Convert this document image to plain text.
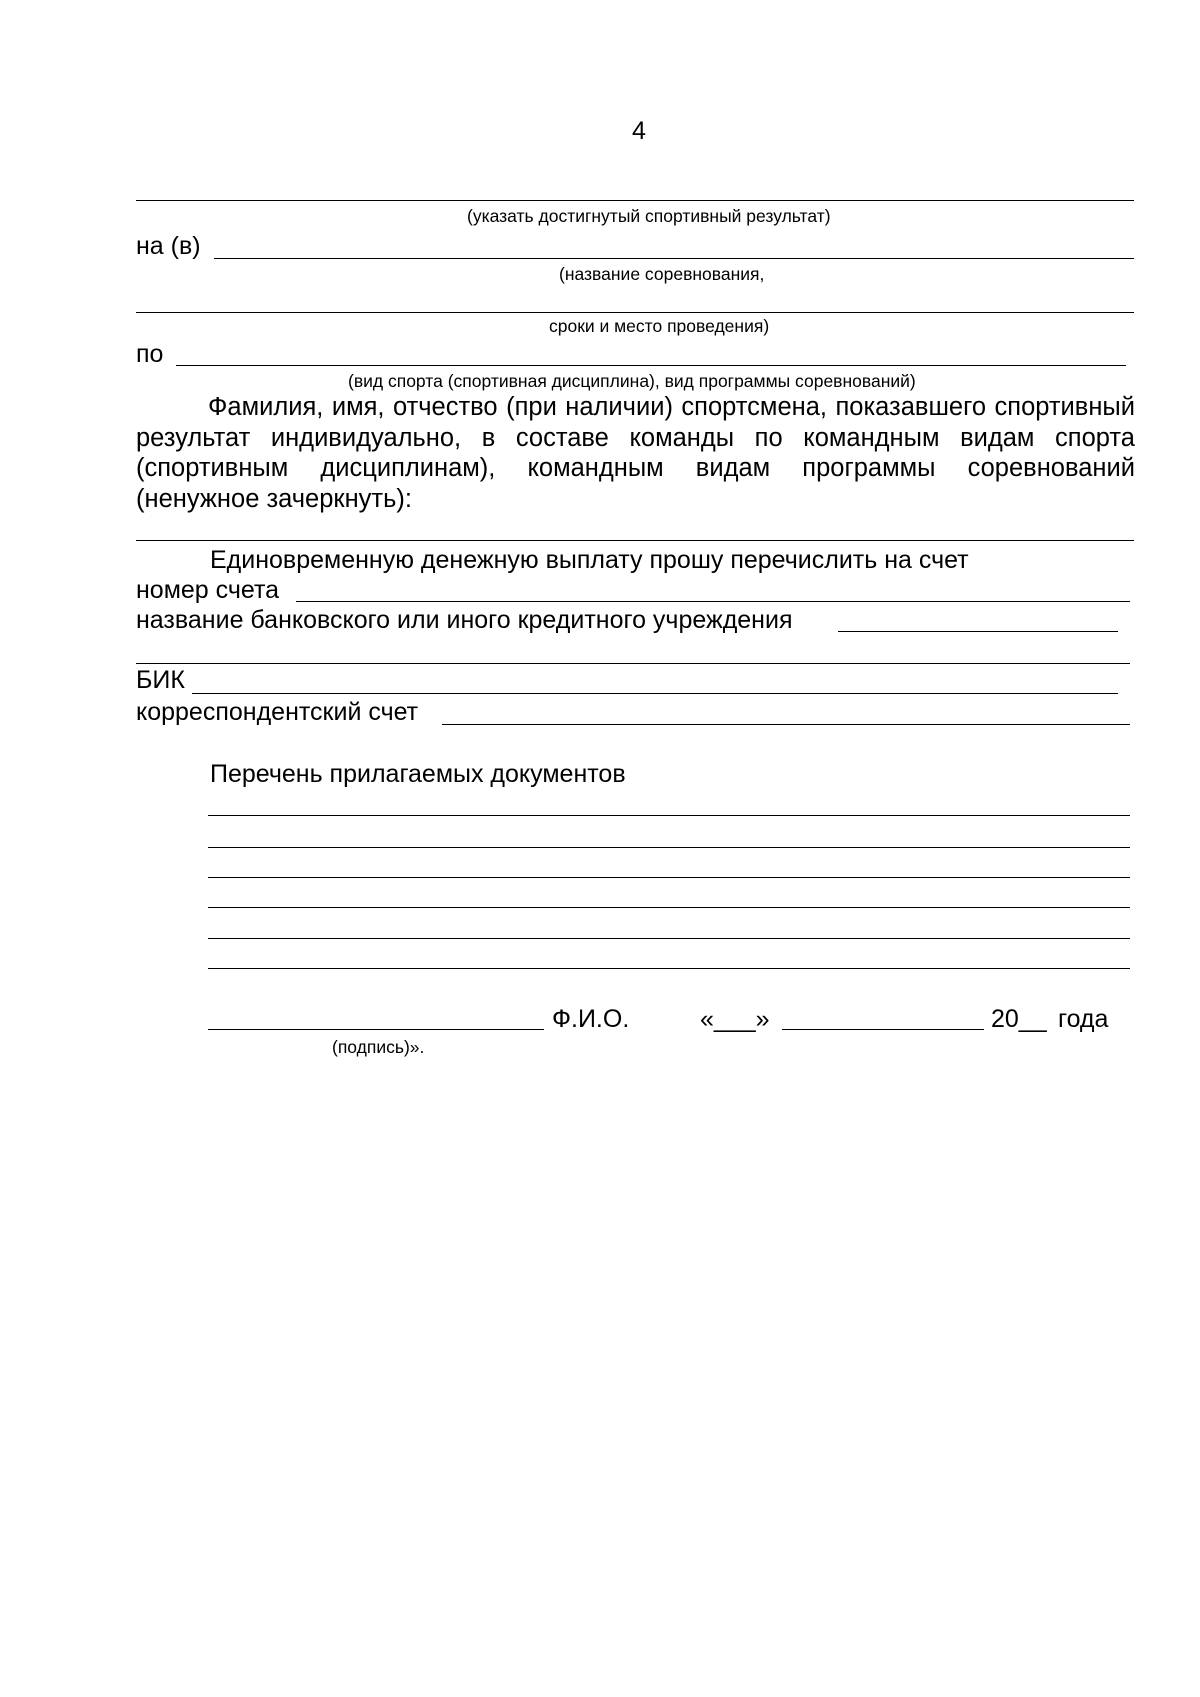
4
(указать достигнутый спортивный результат)
на (в)
(название соревнования,
сроки и место проведения)
по
(вид спорта (спортивная дисциплина), вид программы соревнований)
Фамилия, имя, отчество (при наличии) спортсмена, показавшего спортивный результат индивидуально, в составе команды по командным видам спорта (спортивным дисциплинам), командным видам программы соревнований (ненужное зачеркнуть):
Единовременную денежную выплату прошу перечислить на счет
номер счета
название банковского или иного кредитного учреждения
БИК
корреспондентский счет
Перечень прилагаемых документов
Ф.И.О.	«___»	20__ года
(подпись)».
